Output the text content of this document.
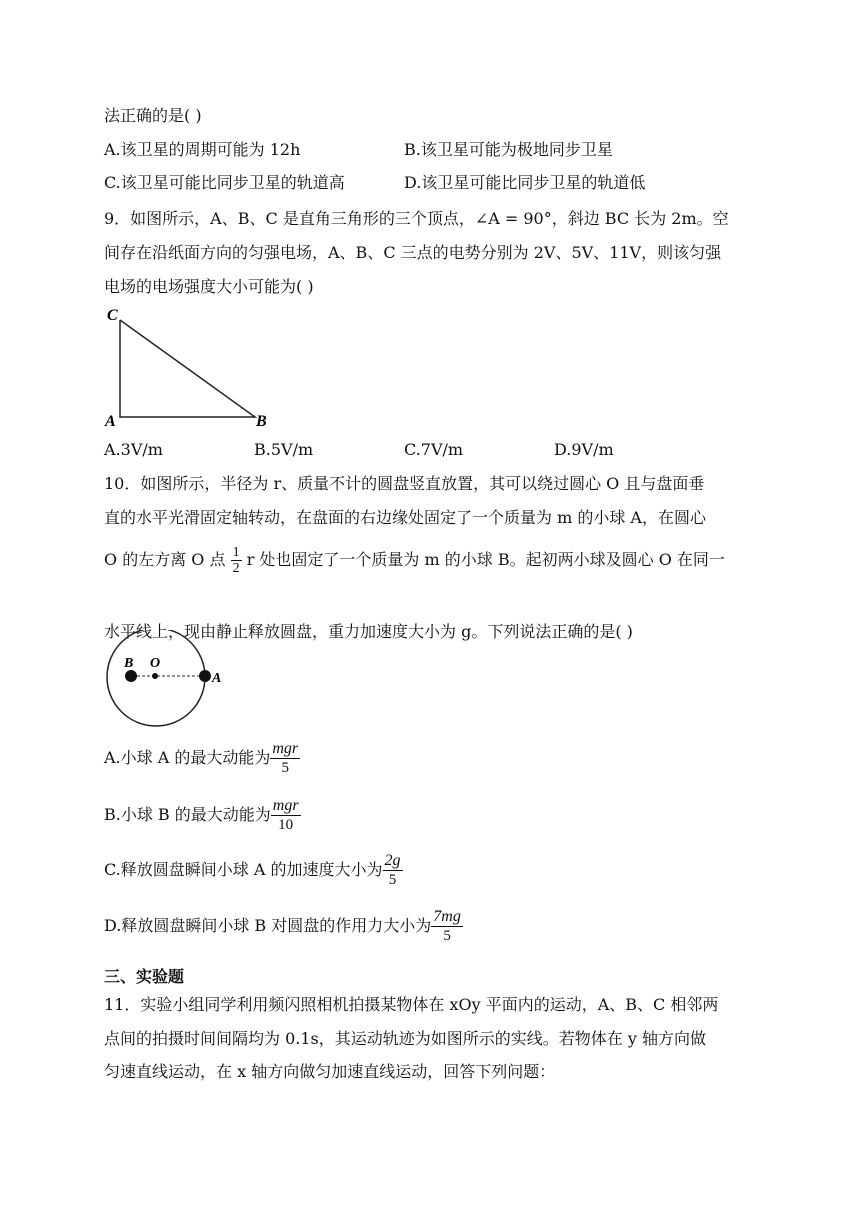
法正确的是( )
A.该卫星的周期可能为 12h	B.该卫星可能为极地同步卫星
C.该卫星可能比同步卫星的轨道高	D.该卫星可能比同步卫星的轨道低
9．如图所示，A、B、C 是直角三角形的三个顶点，∠A = 90°，斜边 BC 长为 2m。空
间存在沿纸面方向的匀强电场，A、B、C 三点的电势分别为 2V、5V、11V，则该匀强
电场的电场强度大小可能为( )
C
A	B
A.3V/m	B.5V/m	C.7V/m	D.9V/m
10．如图所示，半径为 r、质量不计的圆盘竖直放置，其可以绕过圆心 O 且与盘面垂
直的水平光滑固定轴转动，在盘面的右边缘处固定了一个质量为 m 的小球 A，在圆心
O 的左方离 O 点 $\frac{1}{2}$ r 处也固定了一个质量为 m 的小球 B。起初两小球及圆心 O 在同一
水平线上，现由静止释放圆盘，重力加速度大小为 g。下列说法正确的是( )
B O
A
A.小球 A 的最大动能为 $\frac{\text{mgr}}{5}$
B.小球 B 的最大动能为 $\frac{\text{mgr}}{10}$
C.释放圆盘瞬间小球 A 的加速度大小为 $\frac{2g}{5}$
D.释放圆盘瞬间小球 B 对圆盘的作用力大小为 $\frac{7mg}{5}$
三、实验题
11．实验小组同学利用频闪照相机拍摄某物体在 xOy 平面内的运动，A、B、C 相邻两
点间的拍摄时间间隔均为 0.1s，其运动轨迹为如图所示的实线。若物体在 y 轴方向做
匀速直线运动，在 x 轴方向做匀加速直线运动，回答下列问题：
